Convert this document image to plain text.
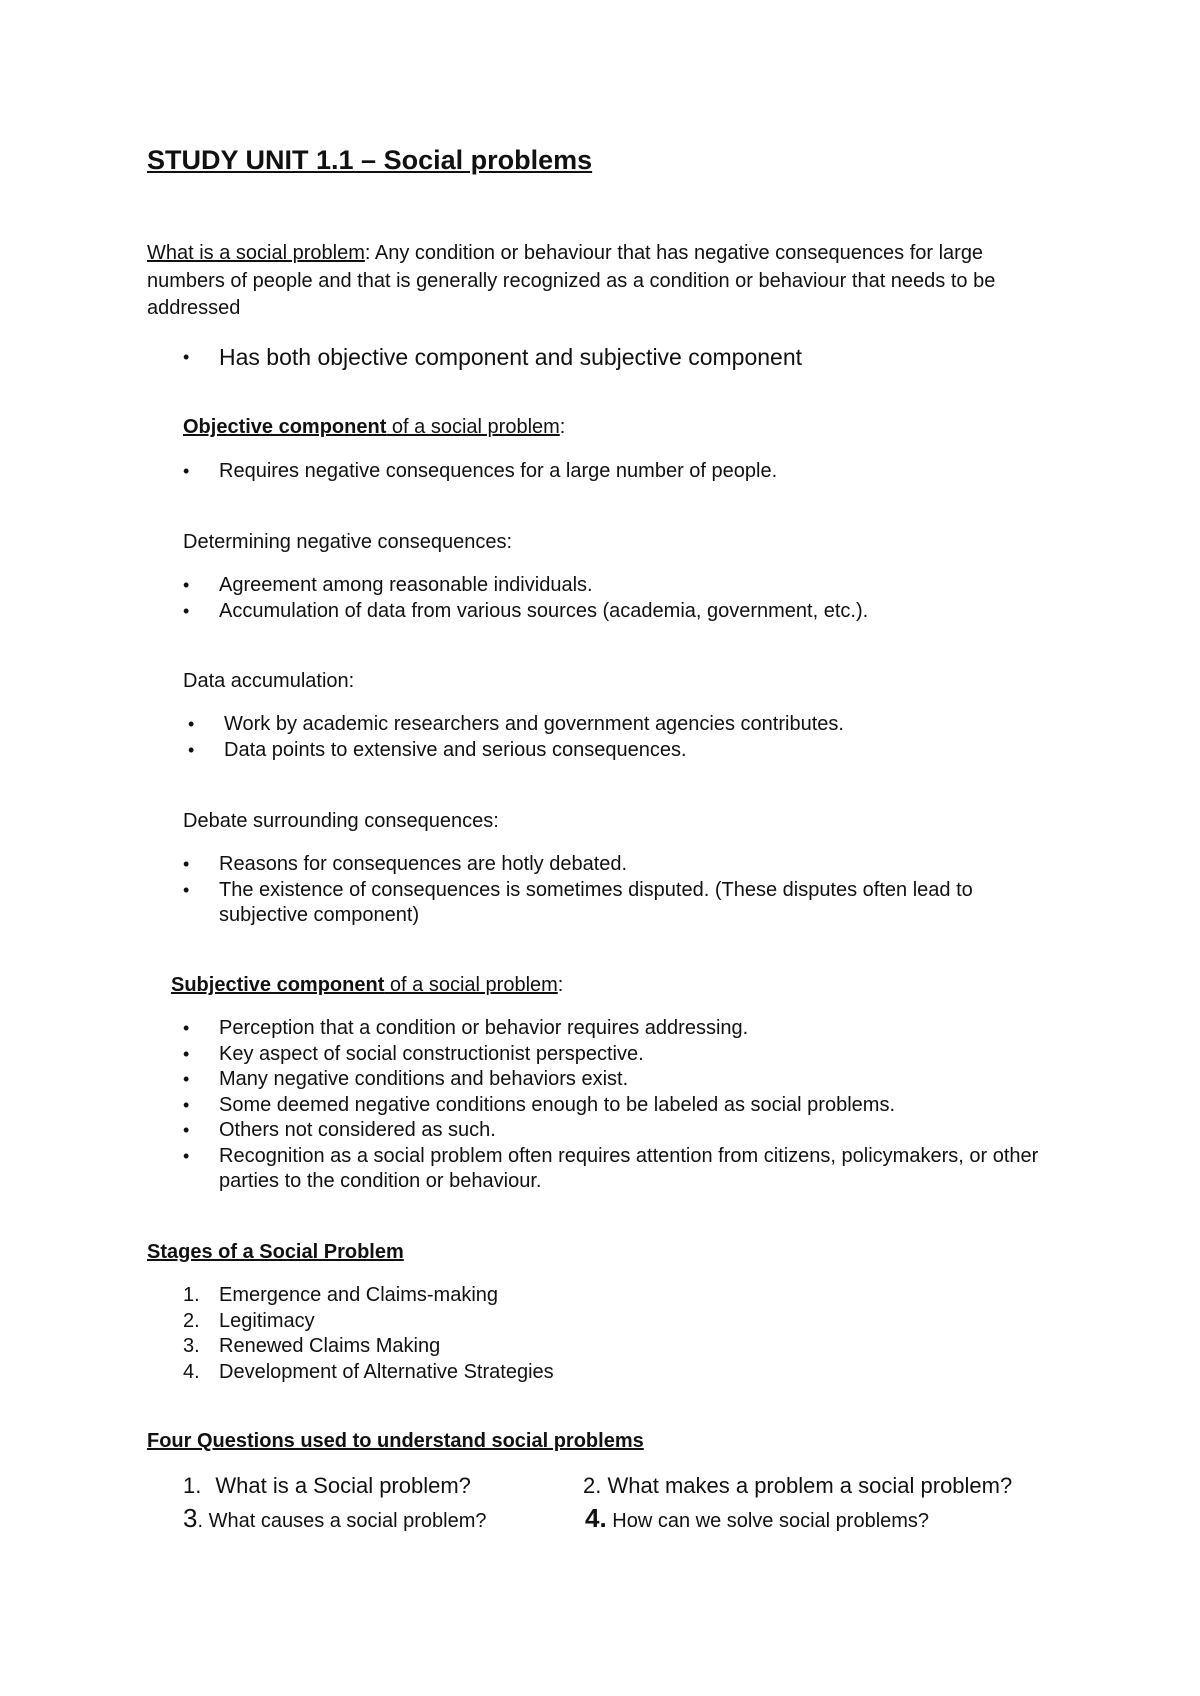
STUDY UNIT 1.1 – Social problems

What is a social problem: Any condition or behaviour that has negative consequences for large numbers of people and that is generally recognized as a condition or behaviour that needs to be addressed

• Has both objective component and subjective component

Objective component of a social problem:

• Requires negative consequences for a large number of people.

Determining negative consequences:

• Agreement among reasonable individuals.
• Accumulation of data from various sources (academia, government, etc.).

Data accumulation:

• Work by academic researchers and government agencies contributes.
• Data points to extensive and serious consequences.

Debate surrounding consequences:

• Reasons for consequences are hotly debated.
• The existence of consequences is sometimes disputed. (These disputes often lead to subjective component)

Subjective component of a social problem:

• Perception that a condition or behavior requires addressing.
• Key aspect of social constructionist perspective.
• Many negative conditions and behaviors exist.
• Some deemed negative conditions enough to be labeled as social problems.
• Others not considered as such.
• Recognition as a social problem often requires attention from citizens, policymakers, or other parties to the condition or behaviour.

Stages of a Social Problem

1. Emergence and Claims-making
2. Legitimacy
3. Renewed Claims Making
4. Development of Alternative Strategies

Four Questions used to understand social problems

1. What is a Social problem?	2. What makes a problem a social problem?
3. What causes a social problem?	4. How can we solve social problems?
